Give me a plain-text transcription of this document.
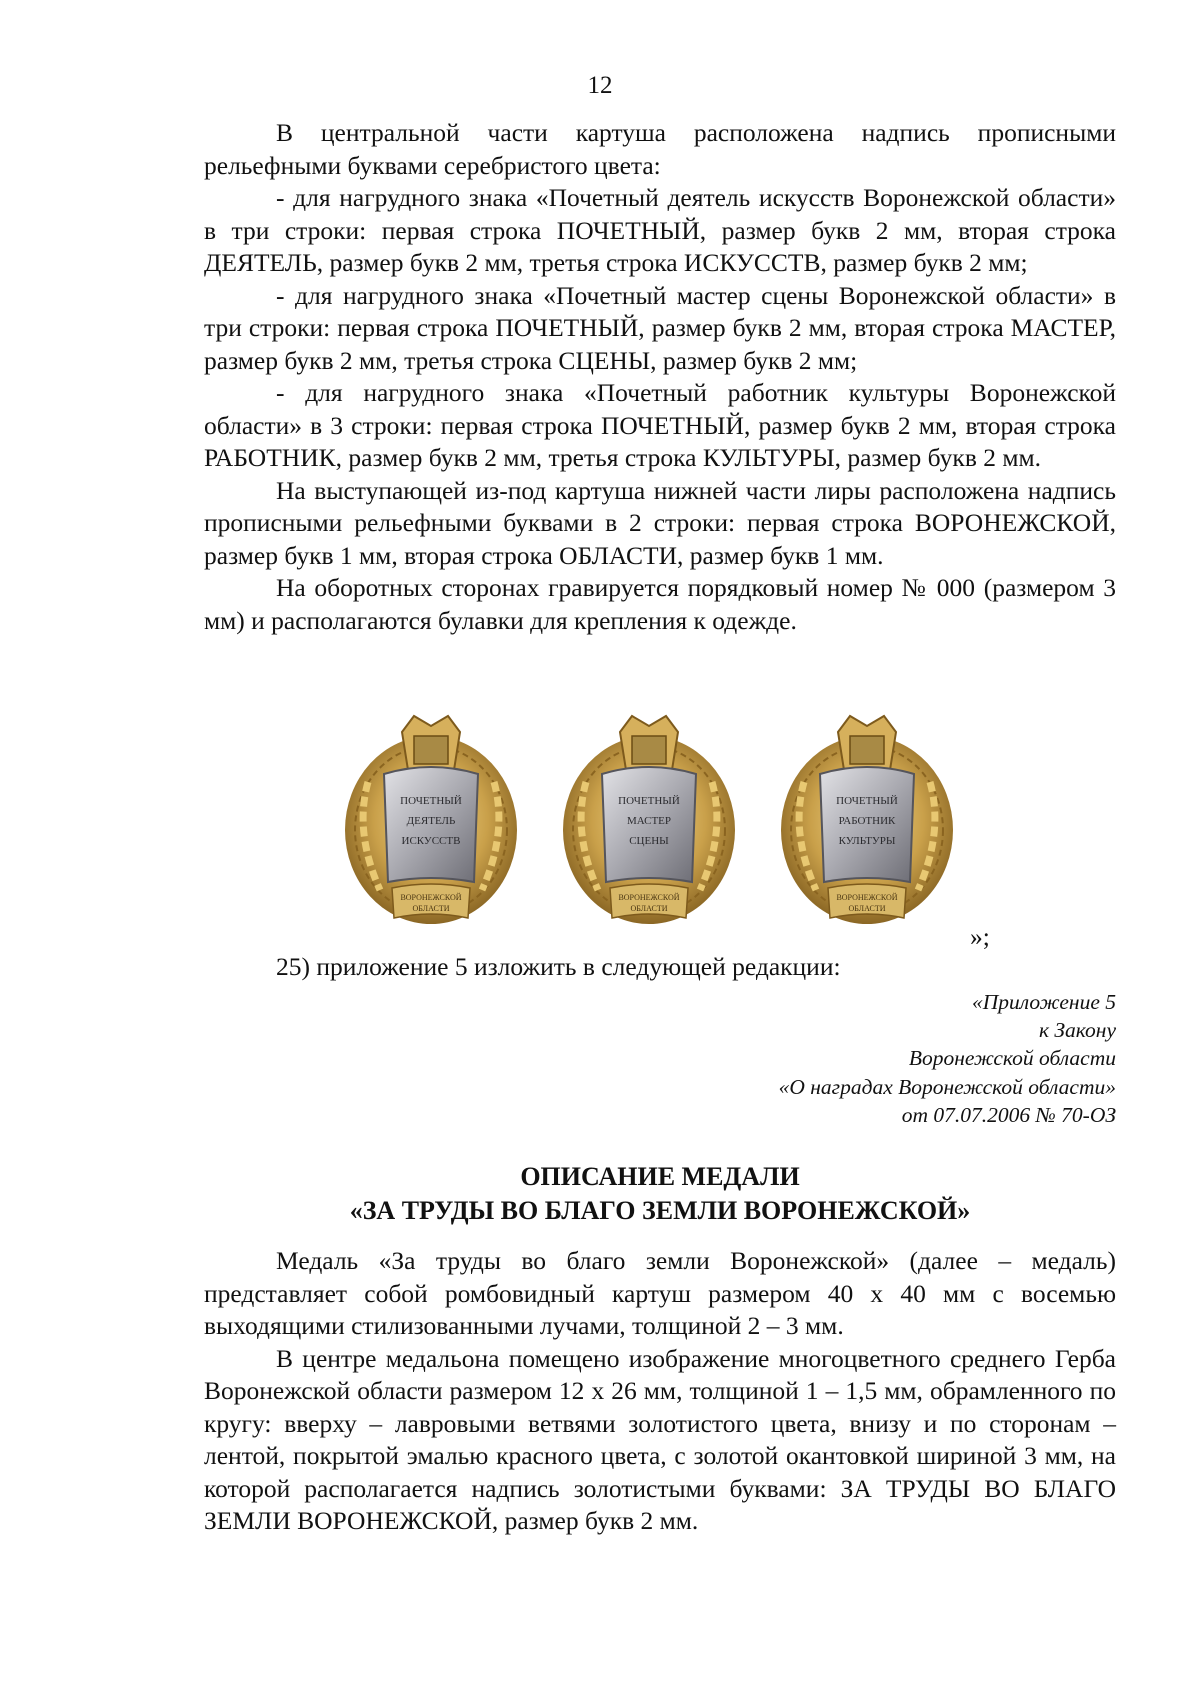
12

В центральной части картуша расположена надпись прописными рельефными буквами серебристого цвета:

- для нагрудного знака «Почетный деятель искусств Воронежской области» в три строки: первая строка ПОЧЕТНЫЙ, размер букв 2 мм, вторая строка ДЕЯТЕЛЬ, размер букв 2 мм, третья строка ИСКУССТВ, размер букв 2 мм;

- для нагрудного знака «Почетный мастер сцены Воронежской области» в три строки: первая строка ПОЧЕТНЫЙ, размер букв 2 мм, вторая строка МАСТЕР, размер букв 2 мм, третья строка СЦЕНЫ, размер букв 2 мм;

- для нагрудного знака «Почетный работник культуры Воронежской области» в 3 строки: первая строка ПОЧЕТНЫЙ, размер букв 2 мм, вторая строка РАБОТНИК, размер букв 2 мм, третья строка КУЛЬТУРЫ, размер букв 2 мм.

На выступающей из-под картуша нижней части лиры расположена надпись прописными рельефными буквами в 2 строки: первая строка ВОРОНЕЖСКОЙ, размер букв 1 мм, вторая строка ОБЛАСТИ, размер букв 1 мм.

На оборотных сторонах гравируется порядковый номер № 000 (размером 3 мм) и располагаются булавки для крепления к одежде.

ПОЧЕТНЫЙ
ДЕЯТЕЛЬ
ИСКУССТВ
ВОРОНЕЖСКОЙ
ОБЛАСТИ
ПОЧЕТНЫЙ
МАСТЕР
СЦЕНЫ
ВОРОНЕЖСКОЙ
ОБЛАСТИ
ПОЧЕТНЫЙ
РАБОТНИК
КУЛЬТУРЫ
ВОРОНЕЖСКОЙ
ОБЛАСТИ
»;
25) приложение 5 изложить в следующей редакции:
«Приложение 5
к Закону
Воронежской области
«О наградах Воронежской области»
от 07.07.2006 № 70-ОЗ
ОПИСАНИЕ МЕДАЛИ
«ЗА ТРУДЫ ВО БЛАГО ЗЕМЛИ ВОРОНЕЖСКОЙ»

Медаль «За труды во благо земли Воронежской» (далее – медаль) представляет собой ромбовидный картуш размером 40 х 40 мм с восемью выходящими стилизованными лучами, толщиной 2 – 3 мм.

В центре медальона помещено изображение многоцветного среднего Герба Воронежской области размером 12 х 26 мм, толщиной 1 – 1,5 мм, обрамленного по кругу: вверху – лавровыми ветвями золотистого цвета, внизу и по сторонам – лентой, покрытой эмалью красного цвета, с золотой окантовкой шириной 3 мм, на которой располагается надпись золотистыми буквами: ЗА ТРУДЫ ВО БЛАГО ЗЕМЛИ ВОРОНЕЖСКОЙ, размер букв 2 мм.
